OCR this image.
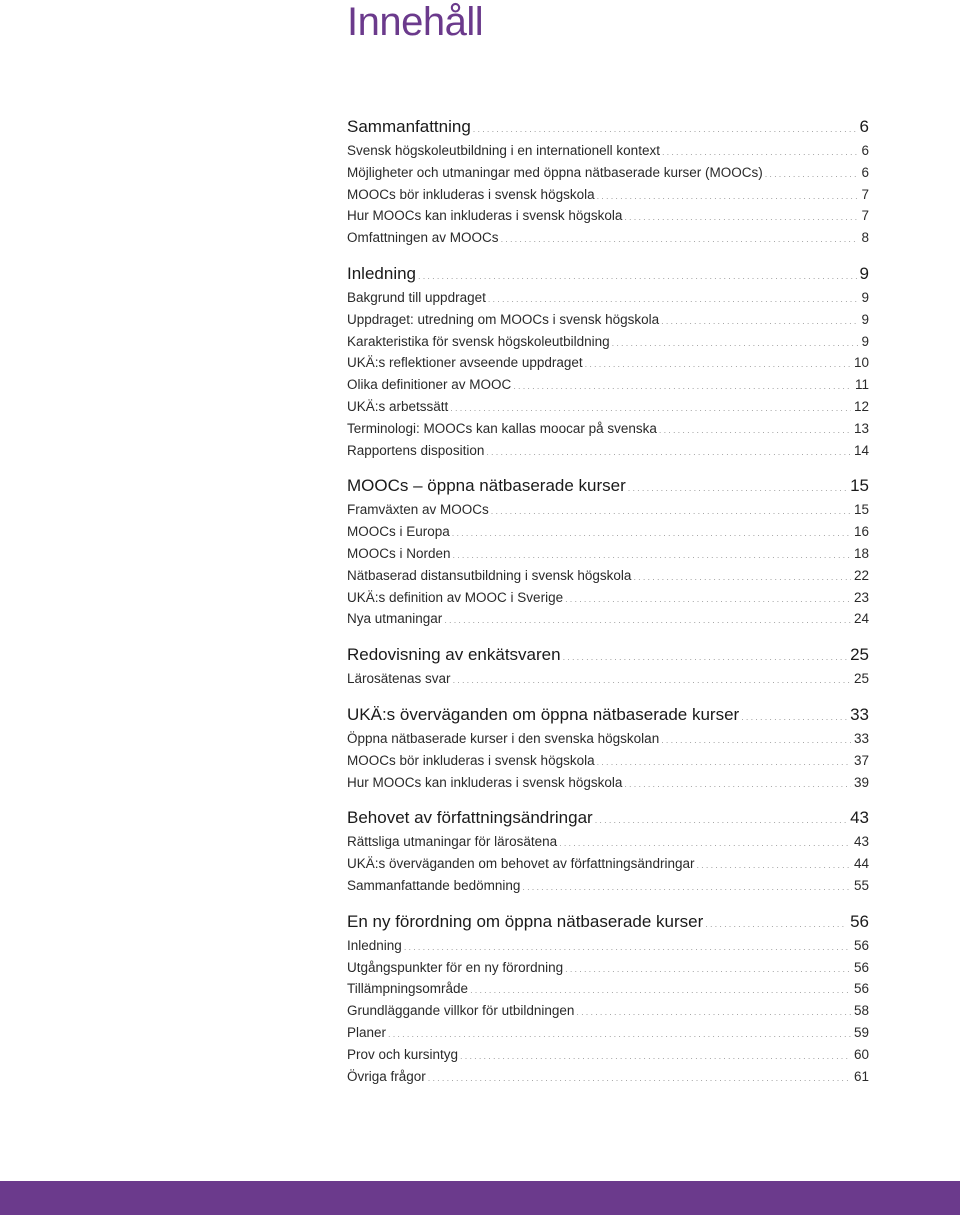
Innehåll
Sammanfattning .....	6
Svensk högskoleutbildning i en internationell kontext .....	6
Möjligheter och utmaningar med öppna nätbaserade kurser (MOOCs) .....	6
MOOCs bör inkluderas i svensk högskola .....	7
Hur MOOCs kan inkluderas i svensk högskola .....	7
Omfattningen av MOOCs .....	8
Inledning .....	9
Bakgrund till uppdraget .....	9
Uppdraget: utredning om MOOCs i svensk högskola .....	9
Karakteristika för svensk högskoleutbildning .....	9
UKÄ:s reflektioner avseende uppdraget .....	10
Olika definitioner av MOOC .....	11
UKÄ:s arbetssätt .....	12
Terminologi: MOOCs kan kallas moocar på svenska .....	13
Rapportens disposition .....	14
MOOCs – öppna nätbaserade kurser .....	15
Framväxten av MOOCs .....	15
MOOCs i Europa .....	16
MOOCs i Norden .....	18
Nätbaserad distansutbildning i svensk högskola .....	22
UKÄ:s definition av MOOC i Sverige .....	23
Nya utmaningar .....	24
Redovisning av enkätsvaren .....	25
Lärosätenas svar .....	25
UKÄ:s överväganden om öppna nätbaserade kurser .....	33
Öppna nätbaserade kurser i den svenska högskolan .....	33
MOOCs bör inkluderas i svensk högskola .....	37
Hur MOOCs kan inkluderas i svensk högskola .....	39
Behovet av författningsändringar .....	43
Rättsliga utmaningar för lärosätena .....	43
UKÄ:s överväganden om behovet av författningsändringar .....	44
Sammanfattande bedömning .....	55
En ny förordning om öppna nätbaserade kurser .....	56
Inledning .....	56
Utgångspunkter för en ny förordning .....	56
Tillämpningsområde .....	56
Grundläggande villkor för utbildningen .....	58
Planer .....	59
Prov och kursintyg .....	60
Övriga frågor .....	61
